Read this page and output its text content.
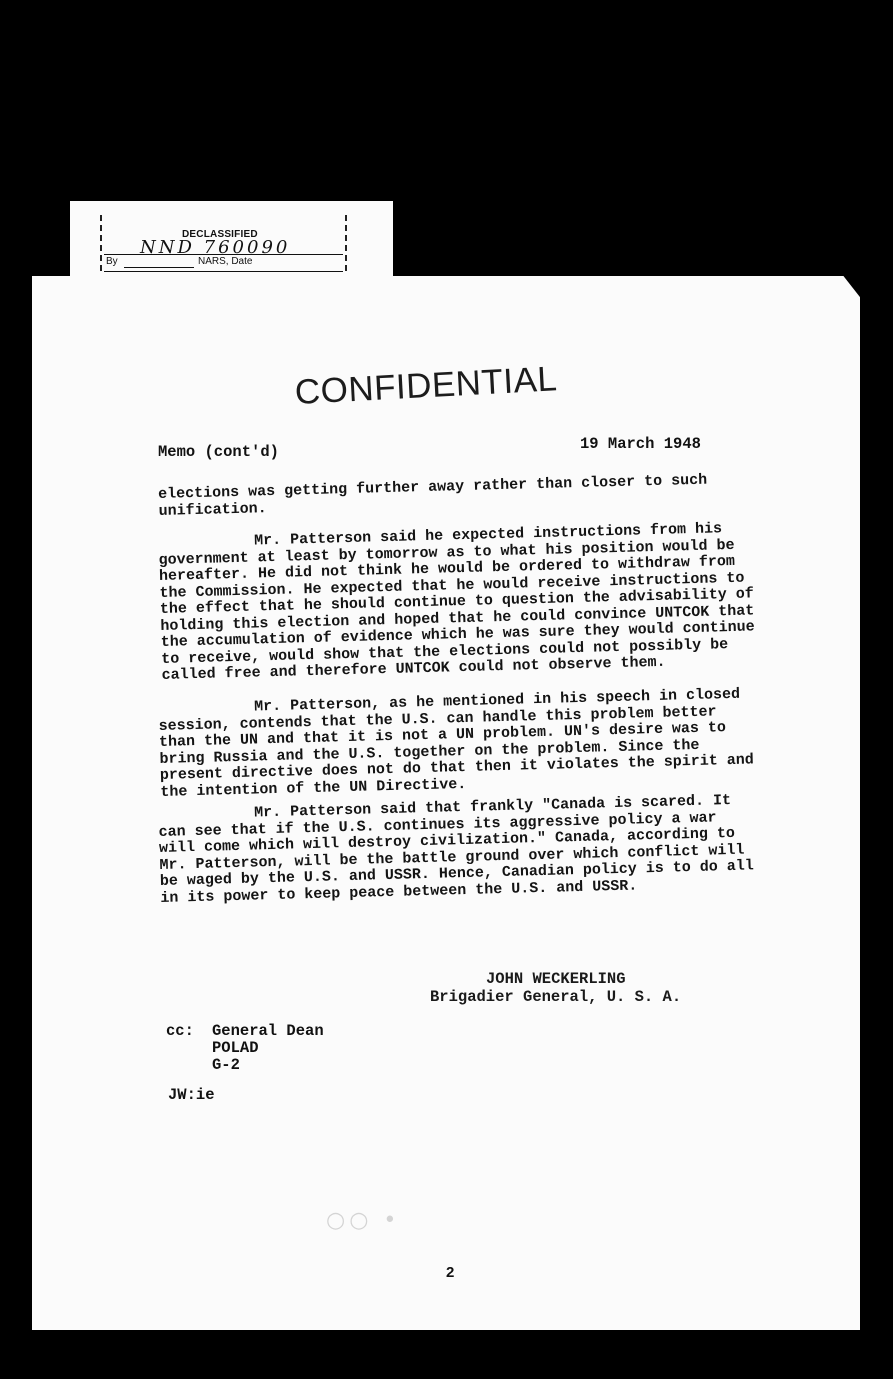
DECLASSIFIED
NND 760090
By	NARS, Date
CONFIDENTIAL
Memo (cont'd)	19 March 1948

elections was getting further away rather than closer to such unification.

Mr. Patterson said he expected instructions from his government at least by tomorrow as to what his position would be hereafter. He did not think he would be ordered to withdraw from the Commission. He expected that he would receive instructions to the effect that he should continue to question the advisability of holding this election and hoped that he could convince UNTCOK that the accumulation of evidence which he was sure they would continue to receive, would show that the elections could not possibly be called free and therefore UNTCOK could not observe them.

Mr. Patterson, as he mentioned in his speech in closed session, contends that the U.S. can handle this problem better than the UN and that it is not a UN problem. UN's desire was to bring Russia and the U.S. together on the problem. Since the present directive does not do that then it violates the spirit and the intention of the UN Directive.

Mr. Patterson said that frankly "Canada is scared. It can see that if the U.S. continues its aggressive policy a war will come which will destroy civilization." Canada, according to Mr. Patterson, will be the battle ground over which conflict will be waged by the U.S. and USSR. Hence, Canadian policy is to do all in its power to keep peace between the U.S. and USSR.

JOHN WECKERLING
Brigadier General, U. S. A.
cc: General Dean
POLAD
G-2
JW:ie
○○ •
2
